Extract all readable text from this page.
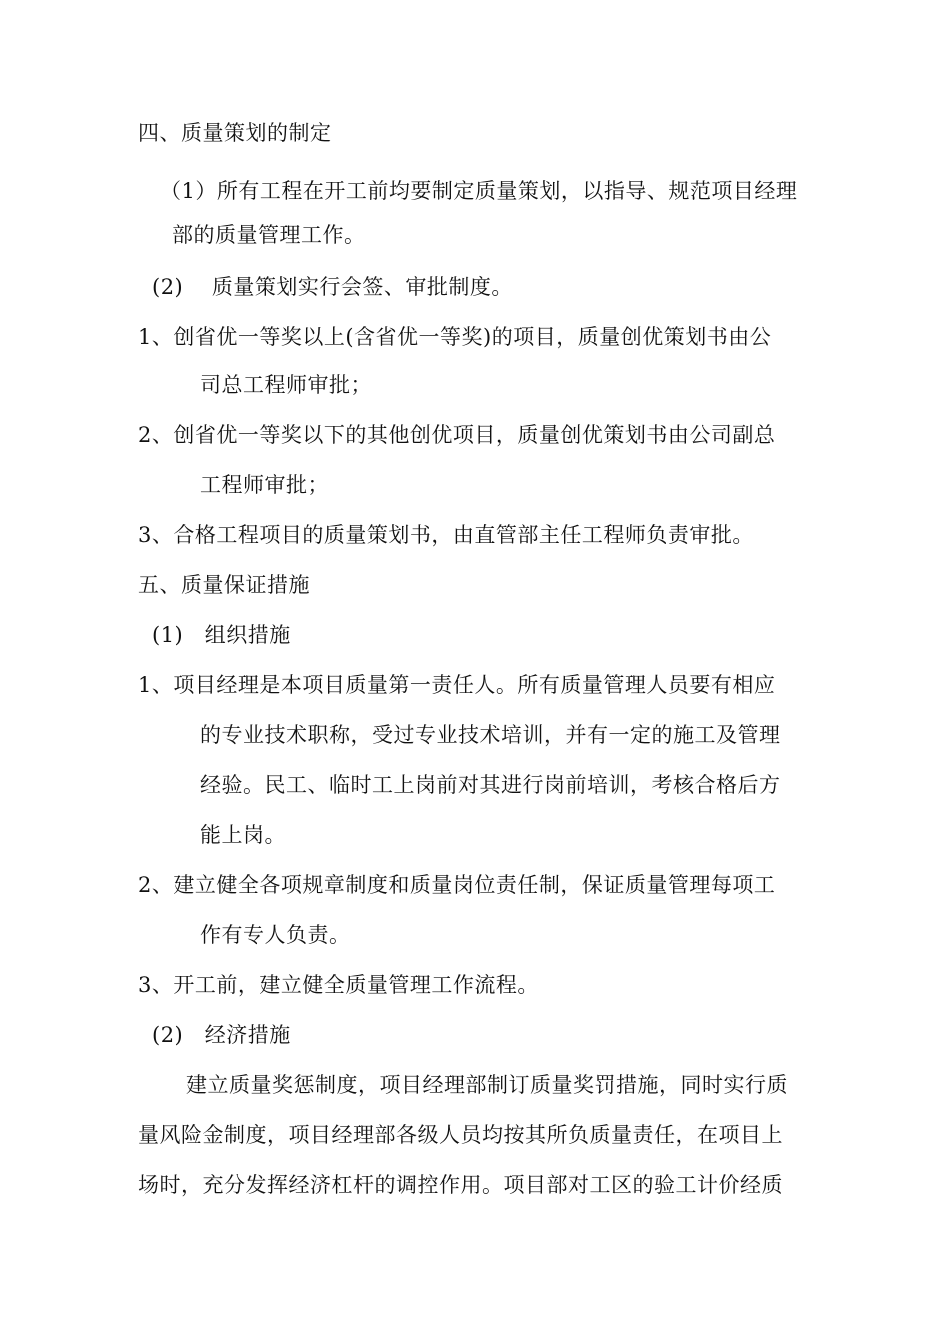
四、质量策划的制定
（1）所有工程在开工前均要制定质量策划，以指导、规范项目经理
部的质量管理工作。
(2)　 质量策划实行会签、审批制度。
1、创省优一等奖以上(含省优一等奖)的项目，质量创优策划书由公
司总工程师审批；
2、创省优一等奖以下的其他创优项目，质量创优策划书由公司副总
工程师审批；
3、合格工程项目的质量策划书，由直管部主任工程师负责审批。
五、质量保证措施
(1)　组织措施
1、项目经理是本项目质量第一责任人。所有质量管理人员要有相应
的专业技术职称，受过专业技术培训，并有一定的施工及管理
经验。民工、临时工上岗前对其进行岗前培训，考核合格后方
能上岗。
2、建立健全各项规章制度和质量岗位责任制，保证质量管理每项工
作有专人负责。
3、开工前，建立健全质量管理工作流程。
(2)　经济措施
建立质量奖惩制度，项目经理部制订质量奖罚措施，同时实行质
量风险金制度，项目经理部各级人员均按其所负质量责任，在项目上
场时，充分发挥经济杠杆的调控作用。项目部对工区的验工计价经质
